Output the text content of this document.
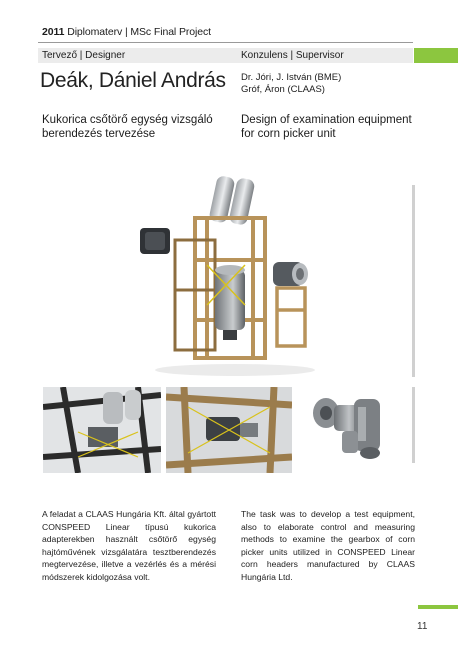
2011 Diplomaterv | MSc Final Project
Tervező | Designer	Konzulens | Supervisor
Deák, Dániel András Dr. Jóri, J. István (BME)
Gróf, Áron (CLAAS)
Kukorica csőtörő egység vizsgáló
berendezés tervezése
Design of examination equipment
for corn picker unit
A feladat a CLAAS Hungária Kft. által gyártott CONSPEED Linear típusú kukorica adapterekben használt csőtörő egység hajtóművének vizsgálatára tesztberendezés megtervezése, illetve a vezérlés és a mérési módszerek kidolgozása volt.
The task was to develop a test equipment, also to elaborate control and measuring methods to examine the gearbox of corn picker units utilized in CONSPEED Linear corn headers manufactured by CLAAS Hungária Ltd.
11
